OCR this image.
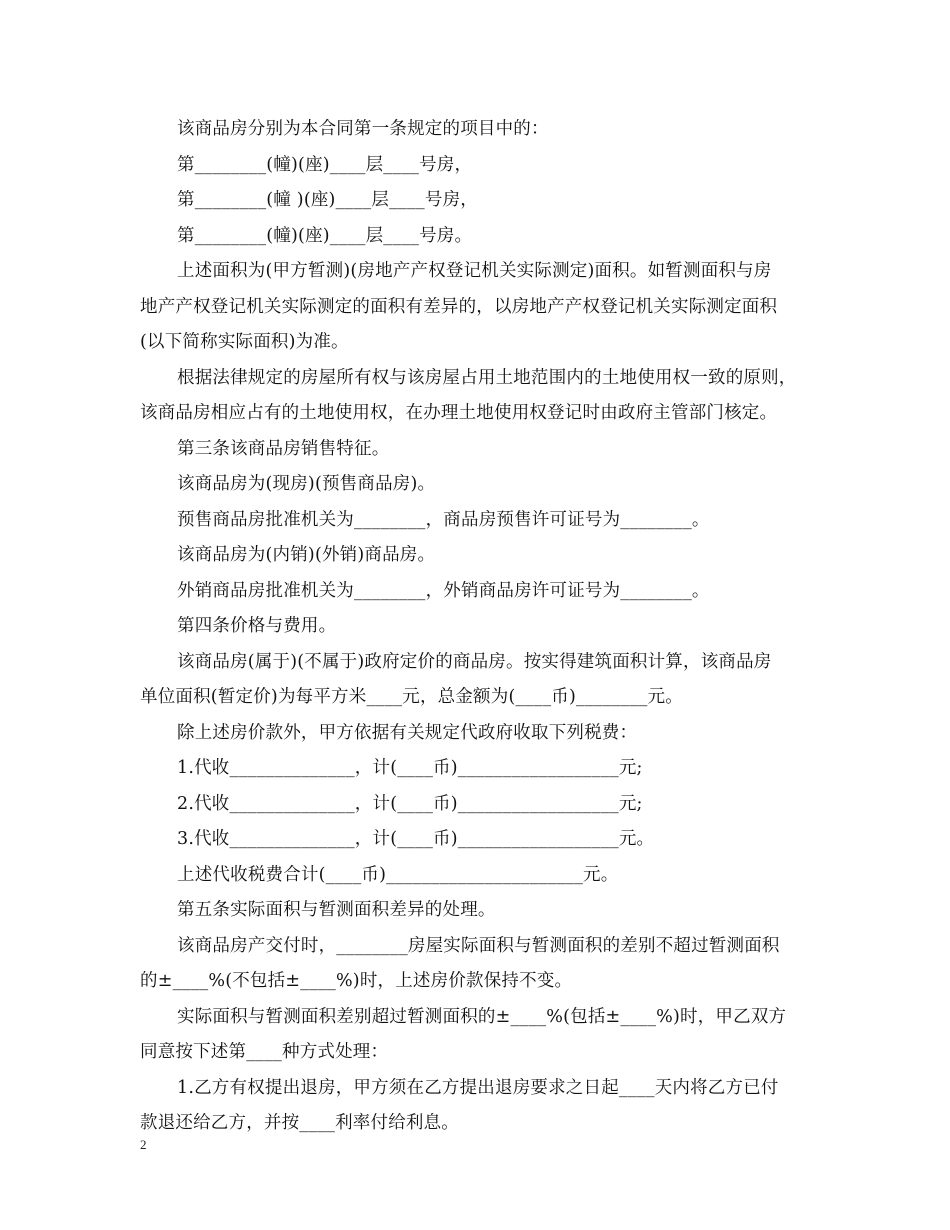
该商品房分别为本合同第一条规定的项目中的：
第________(幢)(座)____层____号房，
第________(幢 )(座)____层____号房，
第________(幢)(座)____层____号房。
上述面积为(甲方暂测)(房地产产权登记机关实际测定)面积。如暂测面积与房
地产产权登记机关实际测定的面积有差异的，以房地产产权登记机关实际测定面积
(以下简称实际面积)为准。
根据法律规定的房屋所有权与该房屋占用土地范围内的土地使用权一致的原则，
该商品房相应占有的土地使用权，在办理土地使用权登记时由政府主管部门核定。
第三条该商品房销售特征。
该商品房为(现房)(预售商品房)。
预售商品房批准机关为________，商品房预售许可证号为________。
该商品房为(内销)(外销)商品房。
外销商品房批准机关为________，外销商品房许可证号为________。
第四条价格与费用。
该商品房(属于)(不属于)政府定价的商品房。按实得建筑面积计算，该商品房
单位面积(暂定价)为每平方米____元，总金额为(____币)________元。
除上述房价款外，甲方依据有关规定代政府收取下列税费：
1.代收______________，计(____币)__________________元;
2.代收______________，计(____币)__________________元;
3.代收______________，计(____币)__________________元。
上述代收税费合计(____币)______________________元。
第五条实际面积与暂测面积差异的处理。
该商品房产交付时，________房屋实际面积与暂测面积的差别不超过暂测面积
的±____%(不包括±____%)时，上述房价款保持不变。
实际面积与暂测面积差别超过暂测面积的±____%(包括±____%)时，甲乙双方
同意按下述第____种方式处理：
1.乙方有权提出退房，甲方须在乙方提出退房要求之日起____天内将乙方已付
款退还给乙方，并按____利率付给利息。
2
